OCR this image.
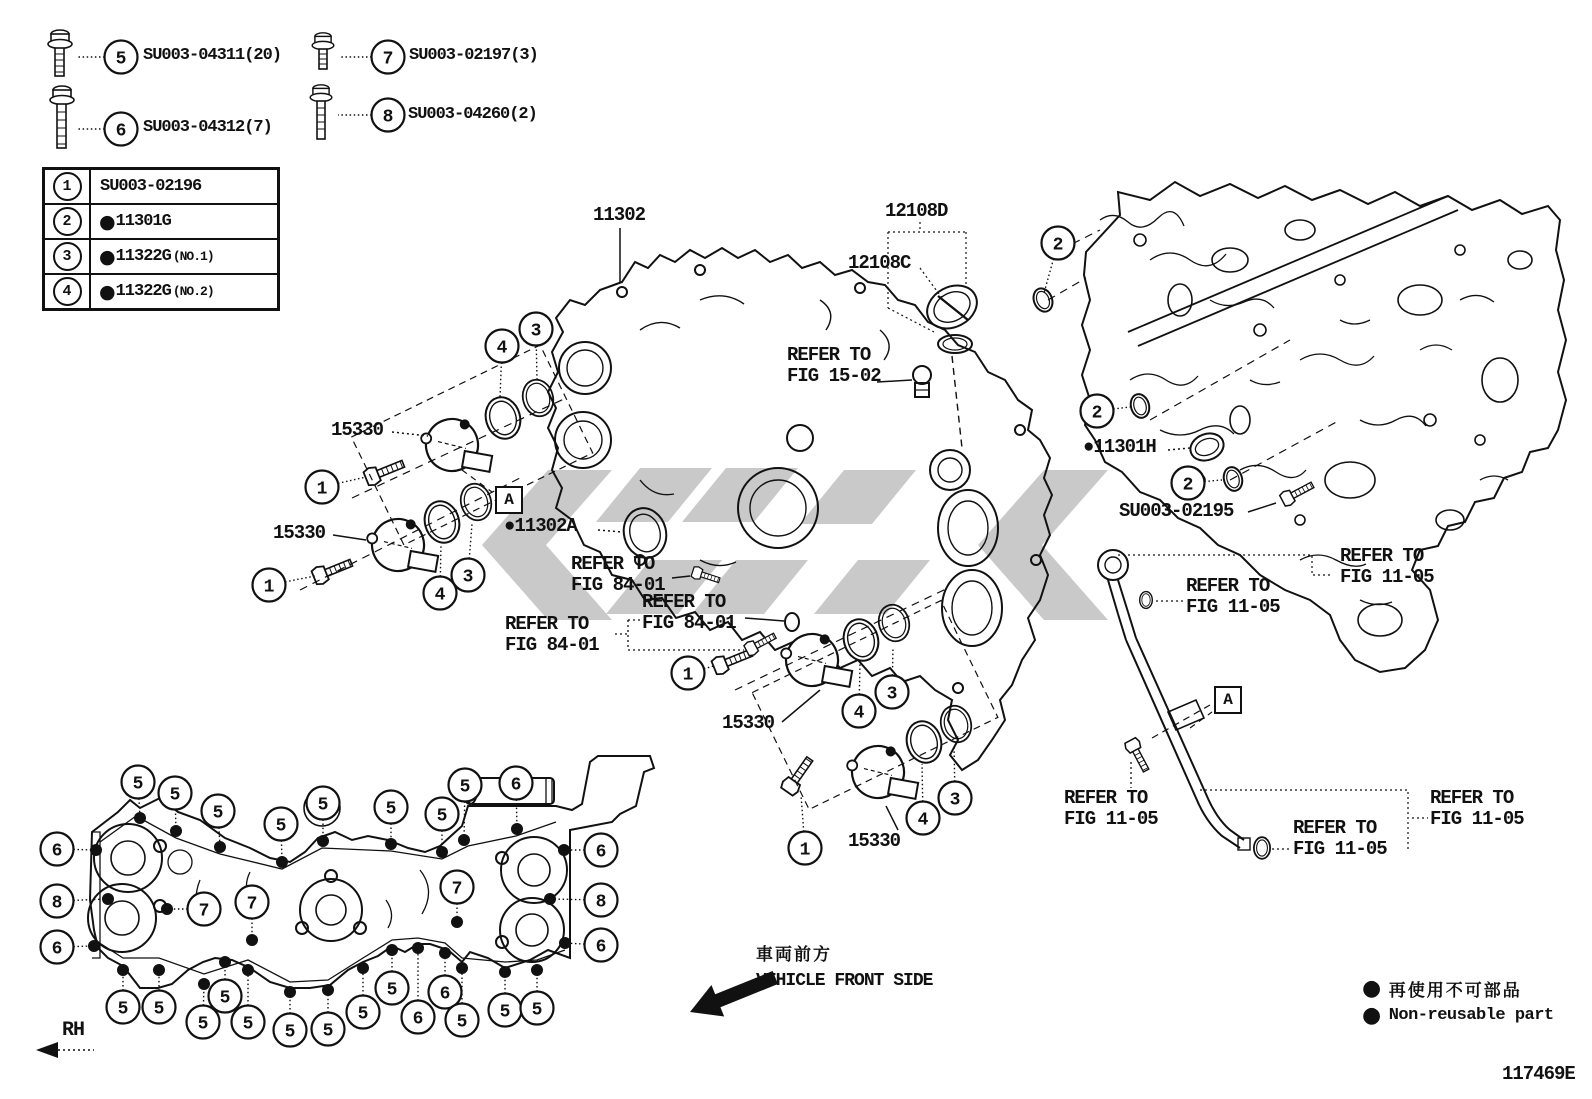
5
6
7
8
4
3
1
1	4
3
1
4
3
1
4
3
2
2
2
5
5
5
5
5	5 5
5 6
6
8
6
6
8
6
7 7
7
5 5
5
5 5 5 5
5
5
6
6
5 5 5
SU003-04311(20)
SU003-04312(7)
SU003-02197(3)
SU003-04260(2)
1	SU003-02196
2	● 11301G
3	● 11322G (NO.1)
4	● 11322G (NO.2)
11302	12108D
12108C
REFER TO
FIG 15-02
15330
15330	●11302A
REFER TO
FIG 84-01
REFER TO
FIG 84-01
REFER TO
FIG 84-01
15330
15330
●11301H
SU003-02195
REFER TO
FIG 11-05
REFER TO
FIG 11-05
REFER TO
FIG 11-05	REFER TO
FIG 11-05
REFER TO
FIG 11-05
A
A
車両前方
VEHICLE FRONT SIDE
RH
117469E
● 再使用不可部品
● Non-reusable part
